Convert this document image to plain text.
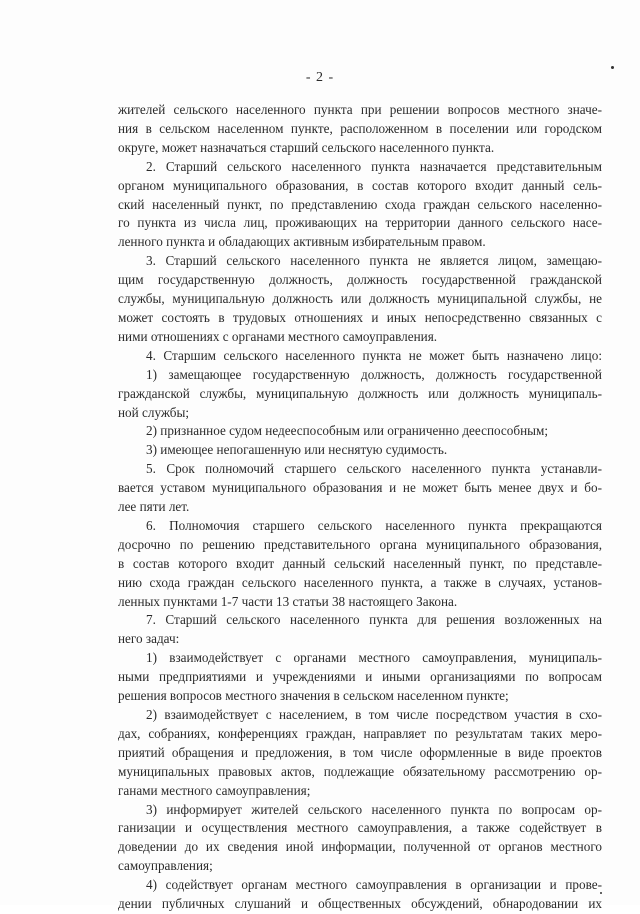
- 2 -
жителей сельского населенного пункта при решении вопросов местного значе-
ния в сельском населенном пункте, расположенном в поселении или городском
округе, может назначаться старший сельского населенного пункта.
2. Старший сельского населенного пункта назначается представительным
органом муниципального образования, в состав которого входит данный сель-
ский населенный пункт, по представлению схода граждан сельского населенно-
го пункта из числа лиц, проживающих на территории данного сельского насе-
ленного пункта и обладающих активным избирательным правом.
3. Старший сельского населенного пункта не является лицом, замещаю-
щим государственную должность, должность государственной гражданской
службы, муниципальную должность или должность муниципальной службы, не
может состоять в трудовых отношениях и иных непосредственно связанных с
ними отношениях с органами местного самоуправления.
4. Старшим сельского населенного пункта не может быть назначено лицо:
1) замещающее государственную должность, должность государственной
гражданской службы, муниципальную должность или должность муниципаль-
ной службы;
2) признанное судом недееспособным или ограниченно дееспособным;
3) имеющее непогашенную или неснятую судимость.
5. Срок полномочий старшего сельского населенного пункта устанавли-
вается уставом муниципального образования и не может быть менее двух и бо-
лее пяти лет.
6. Полномочия старшего сельского населенного пункта прекращаются
досрочно по решению представительного органа муниципального образования,
в состав которого входит данный сельский населенный пункт, по представле-
нию схода граждан сельского населенного пункта, а также в случаях, установ-
ленных пунктами 1-7 части 13 статьи 38 настоящего Закона.
7. Старший сельского населенного пункта для решения возложенных на
него задач:
1) взаимодействует с органами местного самоуправления, муниципаль-
ными предприятиями и учреждениями и иными организациями по вопросам
решения вопросов местного значения в сельском населенном пункте;
2) взаимодействует с населением, в том числе посредством участия в схо-
дах, собраниях, конференциях граждан, направляет по результатам таких меро-
приятий обращения и предложения, в том числе оформленные в виде проектов
муниципальных правовых актов, подлежащие обязательному рассмотрению ор-
ганами местного самоуправления;
3) информирует жителей сельского населенного пункта по вопросам ор-
ганизации и осуществления местного самоуправления, а также содействует в
доведении до их сведения иной информации, полученной от органов местного
самоуправления;
4) содействует органам местного самоуправления в организации и прове-
дении публичных слушаний и общественных обсуждений, обнародовании их
